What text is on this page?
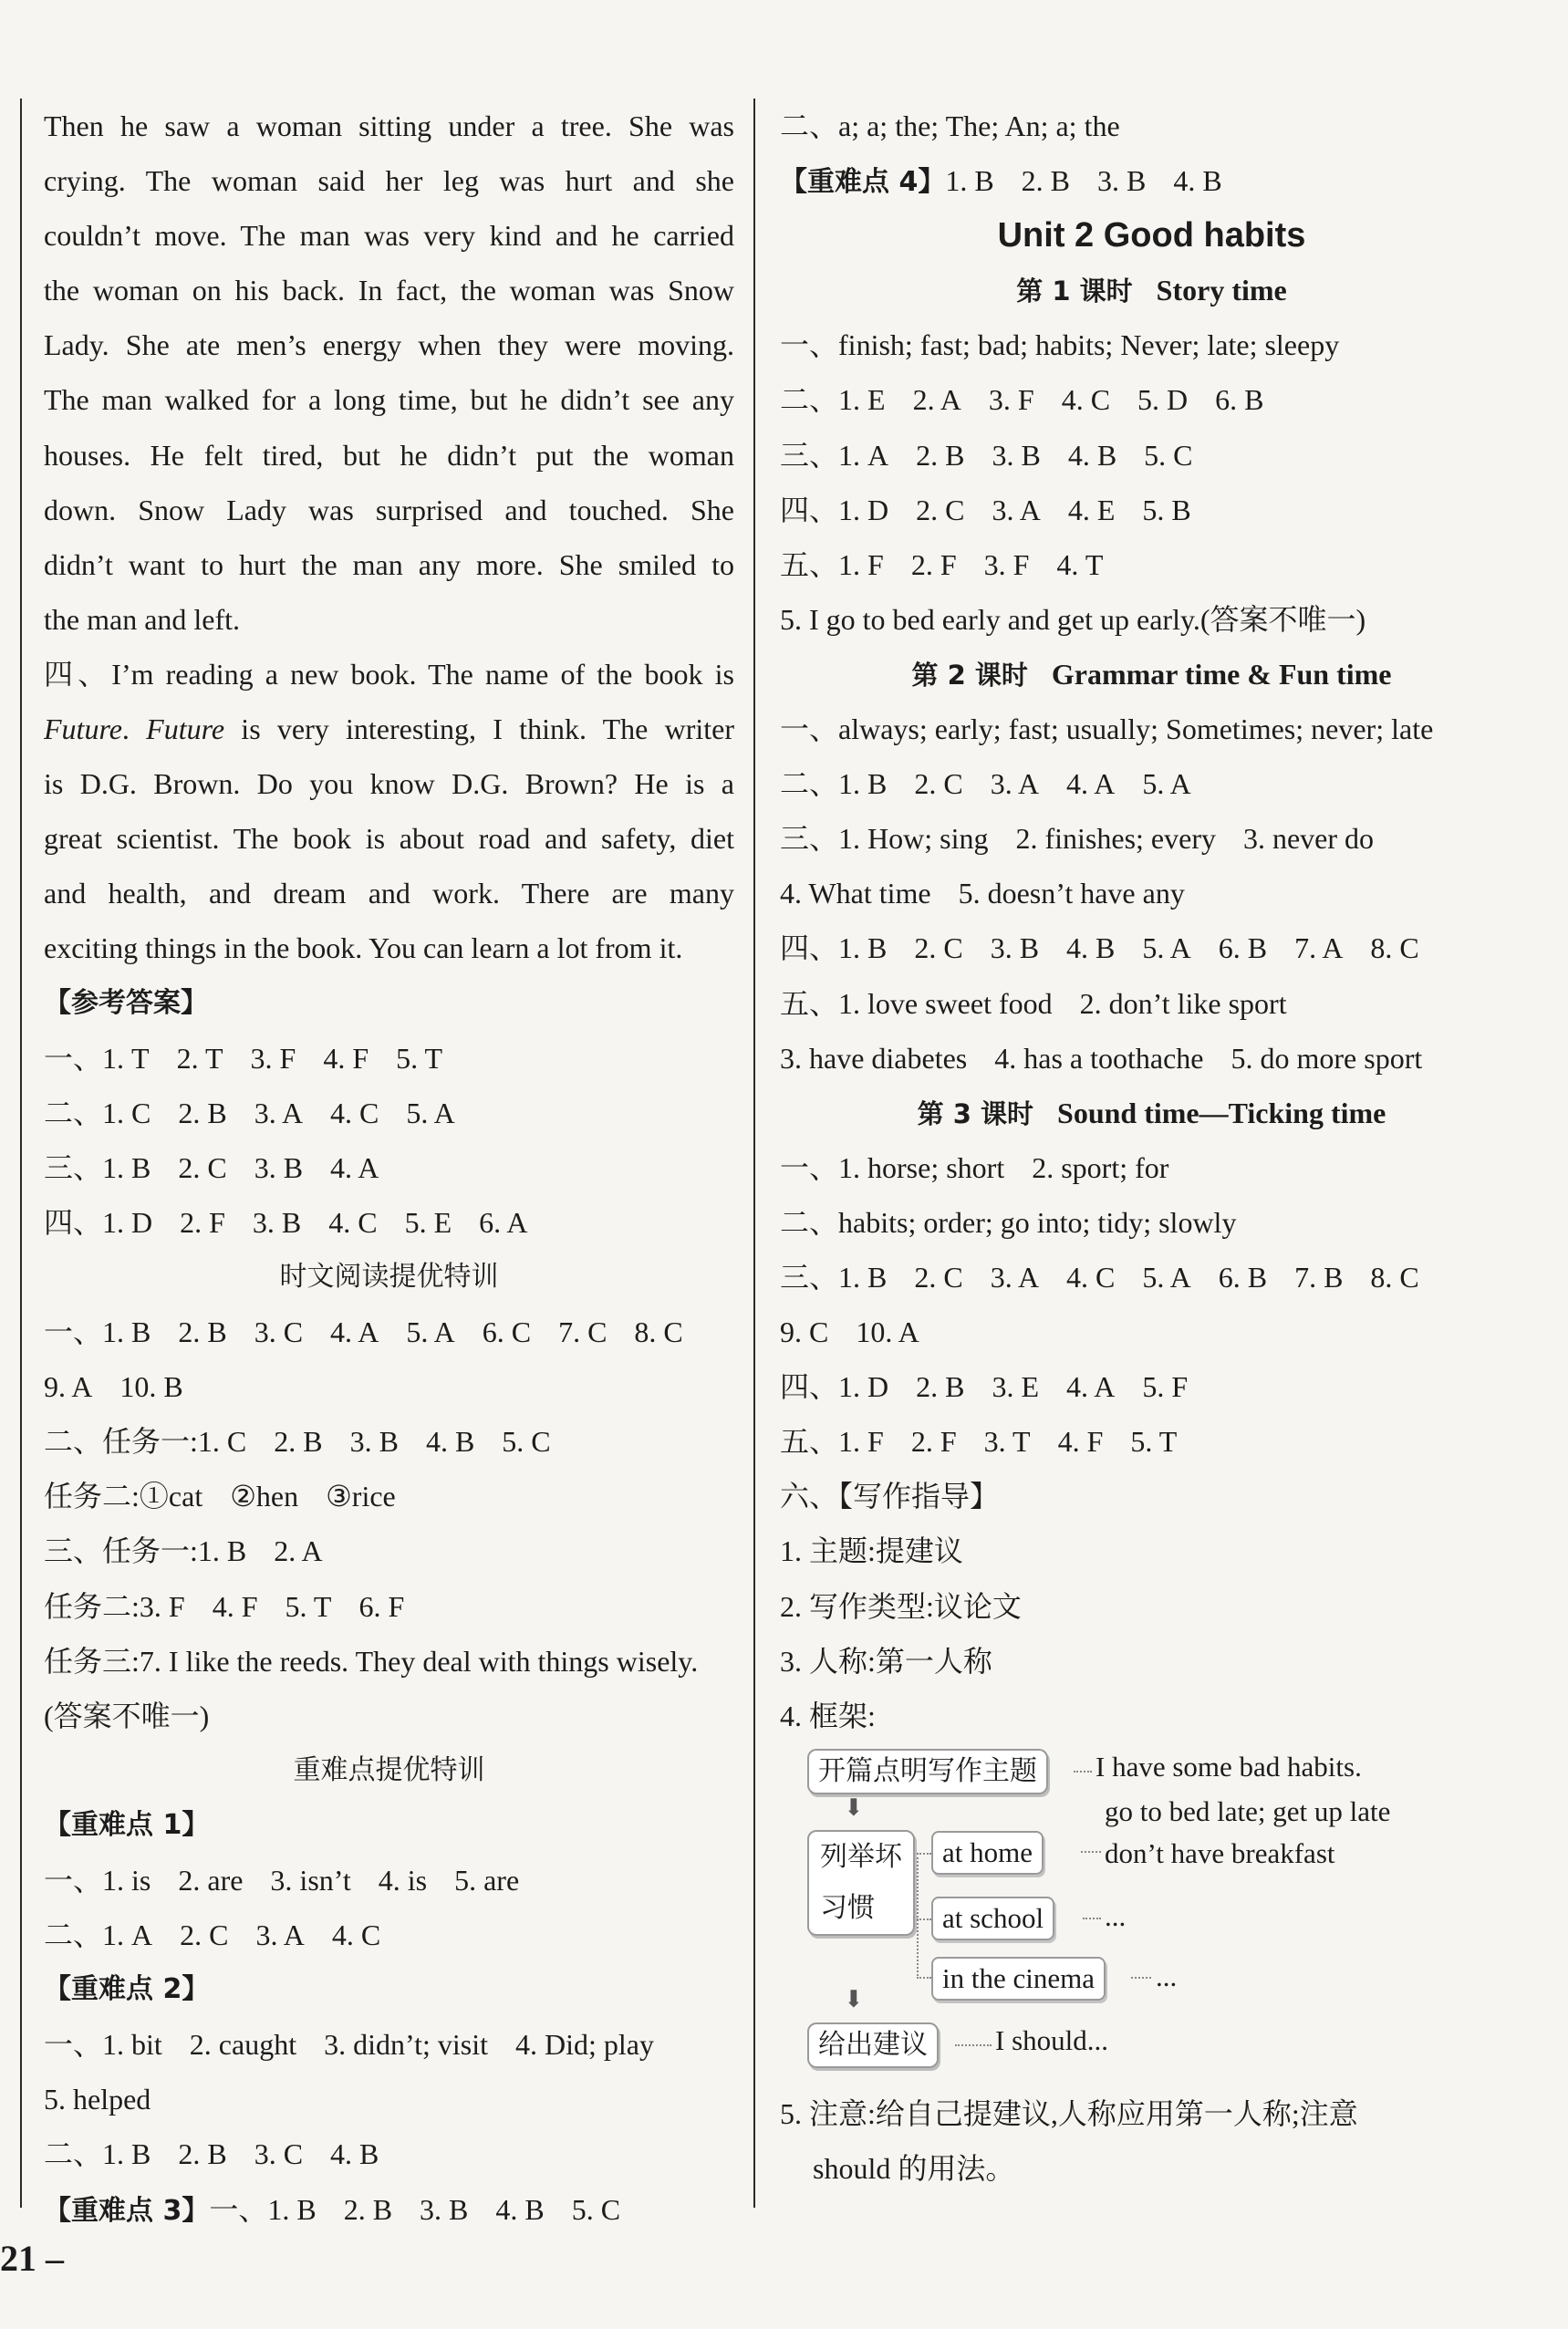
Then he saw a woman sitting under a tree. She was
crying. The woman said her leg was hurt and she
couldn’t move. The man was very kind and he carried
the woman on his back. In fact, the woman was Snow
Lady. She ate men’s energy when they were moving.
The man walked for a long time, but he didn’t see any
houses. He felt tired, but he didn’t put the woman
down. Snow Lady was surprised and touched. She
didn’t want to hurt the man any more. She smiled to
the man and left.
四、I’m reading a new book. The name of the book is
Future. Future is very interesting, I think. The writer
is D.G. Brown. Do you know D.G. Brown? He is a
great scientist. The book is about road and safety, diet
and health, and dream and work. There are many
exciting things in the book. You can learn a lot from it.
【参考答案】
一、1. T 2. T 3. F 4. F 5. T
二、1. C 2. B 3. A 4. C 5. A
三、1. B 2. C 3. B 4. A
四、1. D 2. F 3. B 4. C 5. E 6. A
时文阅读提优特训
一、1. B 2. B 3. C 4. A 5. A 6. C 7. C 8. C
9. A 10. B
二、任务一:1. C 2. B 3. B 4. B 5. C
任务二:①cat ②hen ③rice
三、任务一:1. B 2. A
任务二:3. F 4. F 5. T 6. F
任务三:7. I like the reeds. They deal with things wisely.
(答案不唯一)
重难点提优特训
【重难点 1】
一、1. is 2. are 3. isn’t 4. is 5. are
二、1. A 2. C 3. A 4. C
【重难点 2】
一、1. bit 2. caught 3. didn’t; visit 4. Did; play
5. helped
二、1. B 2. B 3. C 4. B
【重难点 3】一、1. B 2. B 3. B 4. B 5. C
二、a; a; the; The; An; a; the
【重难点 4】1. B 2. B 3. B 4. B
Unit 2 Good habits
第 1 课时 Story time
一、finish; fast; bad; habits; Never; late; sleepy
二、1. E 2. A 3. F 4. C 5. D 6. B
三、1. A 2. B 3. B 4. B 5. C
四、1. D 2. C 3. A 4. E 5. B
五、1. F 2. F 3. F 4. T
5. I go to bed early and get up early.(答案不唯一)
第 2 课时 Grammar time & Fun time
一、always; early; fast; usually; Sometimes; never; late
二、1. B 2. C 3. A 4. A 5. A
三、1. How; sing 2. finishes; every 3. never do
4. What time 5. doesn’t have any
四、1. B 2. C 3. B 4. B 5. A 6. B 7. A 8. C
五、1. love sweet food 2. don’t like sport
3. have diabetes 4. has a toothache 5. do more sport
第 3 课时 Sound time—Ticking time
一、1. horse; short 2. sport; for
二、habits; order; go into; tidy; slowly
三、1. B 2. C 3. A 4. C 5. A 6. B 7. B 8. C
9. C 10. A
四、1. D 2. B 3. E 4. A 5. F
五、1. F 2. F 3. T 4. F 5. T
六、【写作指导】
1. 主题:提建议
2. 写作类型:议论文
3. 人称:第一人称
4. 框架:
开篇点明写作主题	I have some bad habits.
⬇
列举坏
习惯
at home
go to bed late; get up late
don’t have breakfast
at school	...
in the cinema	...
⬇
给出建议	I should...
5. 注意:给自己提建议,人称应用第一人称;注意
should 的用法。
21 –
